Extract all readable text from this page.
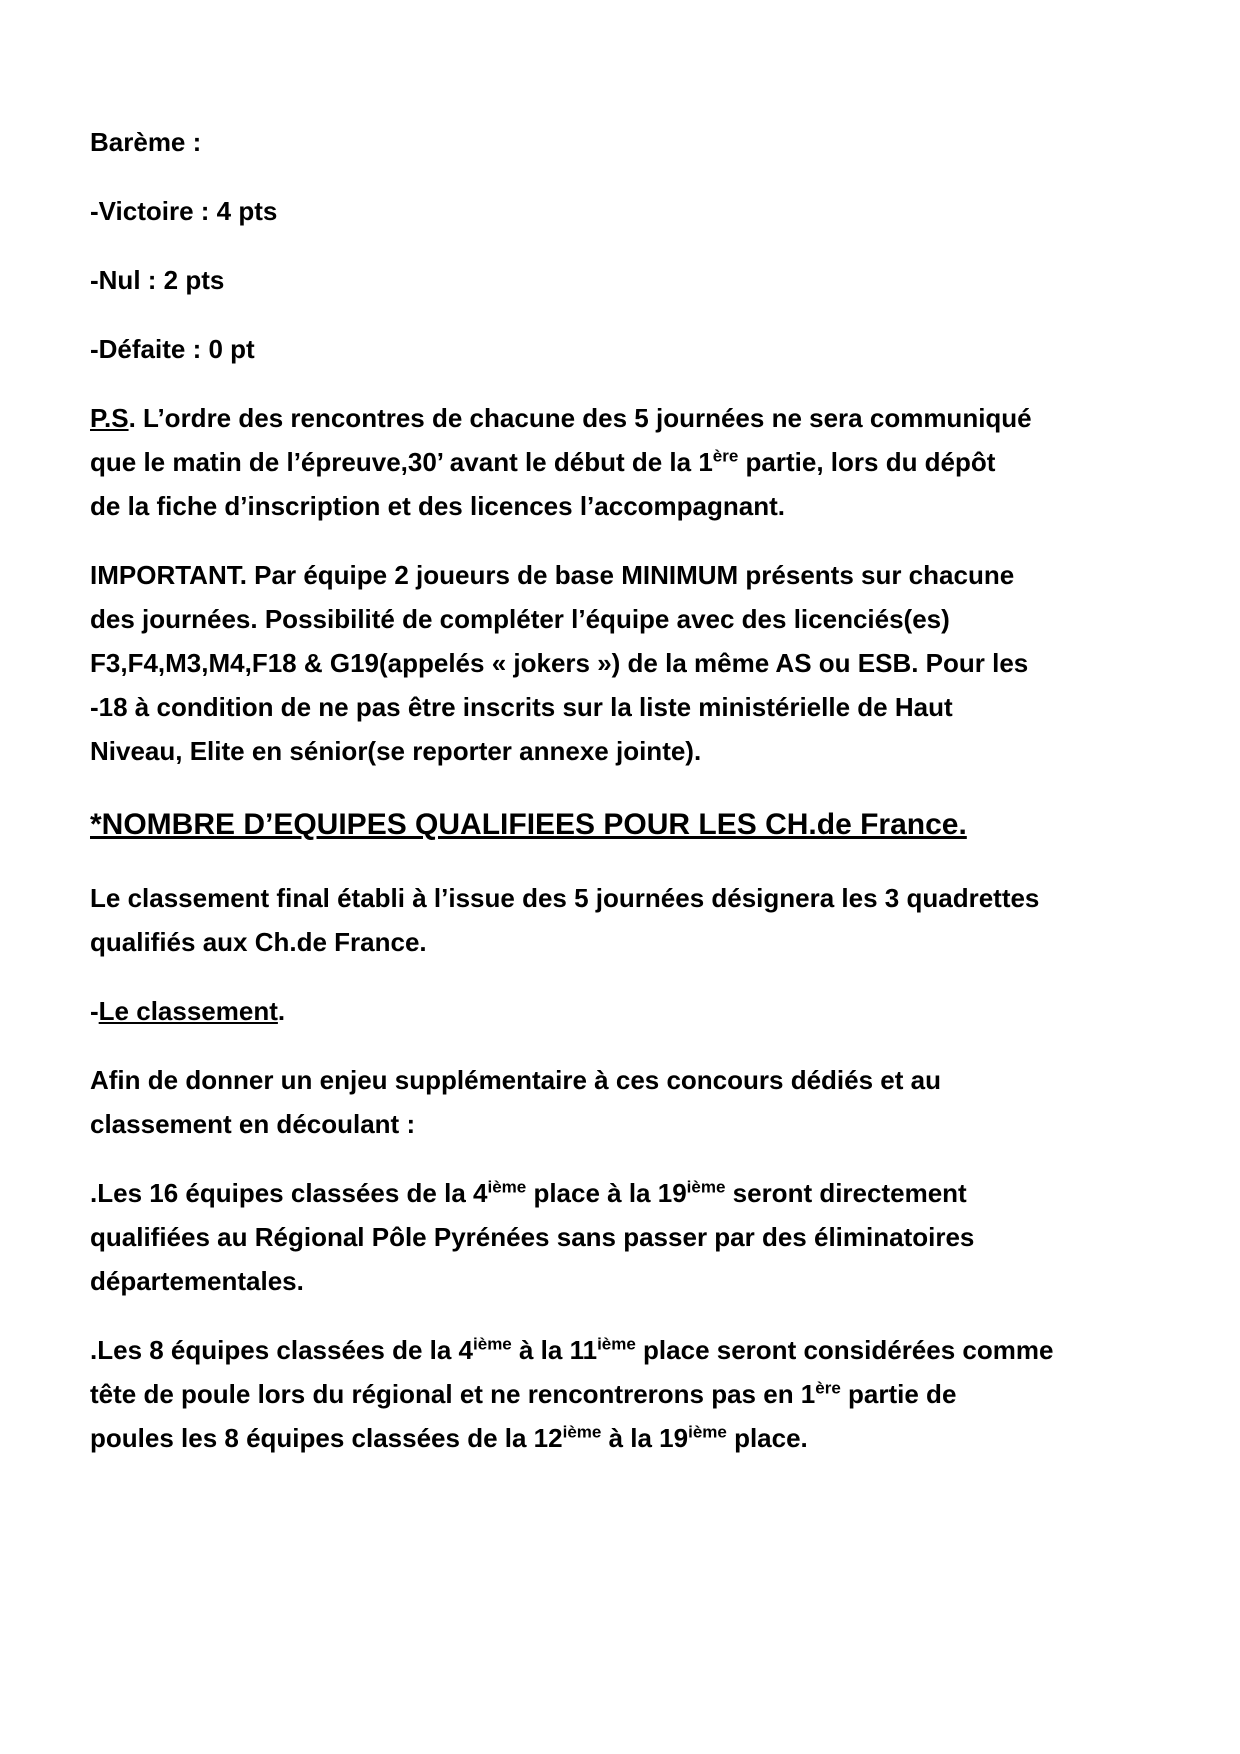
Barème :

-Victoire : 4 pts

-Nul : 2 pts

-Défaite : 0 pt

P.S. L’ordre des rencontres de chacune des 5 journées ne sera communiqué

que le matin de l’épreuve,30’ avant le début de la 1ère partie, lors du dépôt

de la fiche d’inscription et des licences l’accompagnant.

IMPORTANT. Par équipe 2 joueurs de base MINIMUM présents sur chacune

des journées. Possibilité de compléter l’équipe avec des licenciés(es)

F3,F4,M3,M4,F18 & G19(appelés « jokers ») de la même AS ou ESB. Pour les

-18 à condition de ne pas être inscrits sur la liste ministérielle de Haut

Niveau, Elite en sénior(se reporter annexe jointe).

*NOMBRE D’EQUIPES QUALIFIEES POUR LES CH.de France.

Le classement final établi à l’issue des 5 journées désignera les 3 quadrettes

qualifiés aux Ch.de France.

-Le classement.

Afin de donner un enjeu supplémentaire à ces concours dédiés et au

classement en découlant :

.Les 16 équipes classées de la 4ième place à la 19ième seront directement

qualifiées au Régional Pôle Pyrénées sans passer par des éliminatoires

départementales.

.Les 8 équipes classées de la 4ième à la 11ième place seront considérées comme

tête de poule lors du régional et ne rencontrerons pas en 1ère partie de

poules les 8 équipes classées de la 12ième à la 19ième place.
